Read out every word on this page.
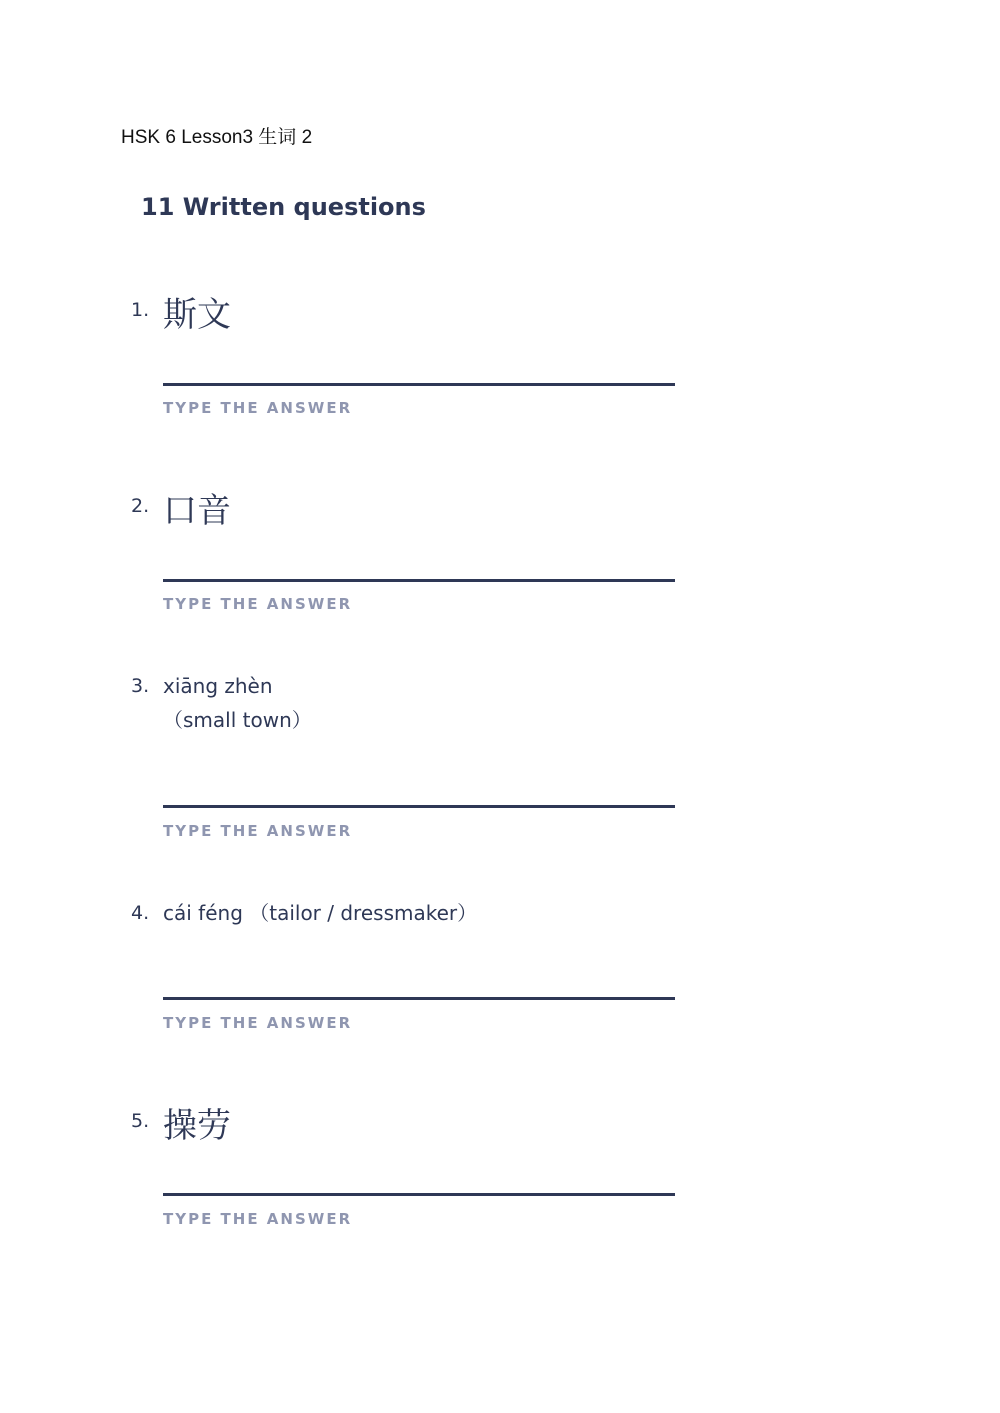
HSK 6 Lesson3 生词 2
11 Written questions
1. 斯文
TYPE THE ANSWER
2. 口音
TYPE THE ANSWER
3. xiāng zhèn
（small town）
TYPE THE ANSWER
4. cái féng （tailor / dressmaker）
TYPE THE ANSWER
5. 操劳
TYPE THE ANSWER
